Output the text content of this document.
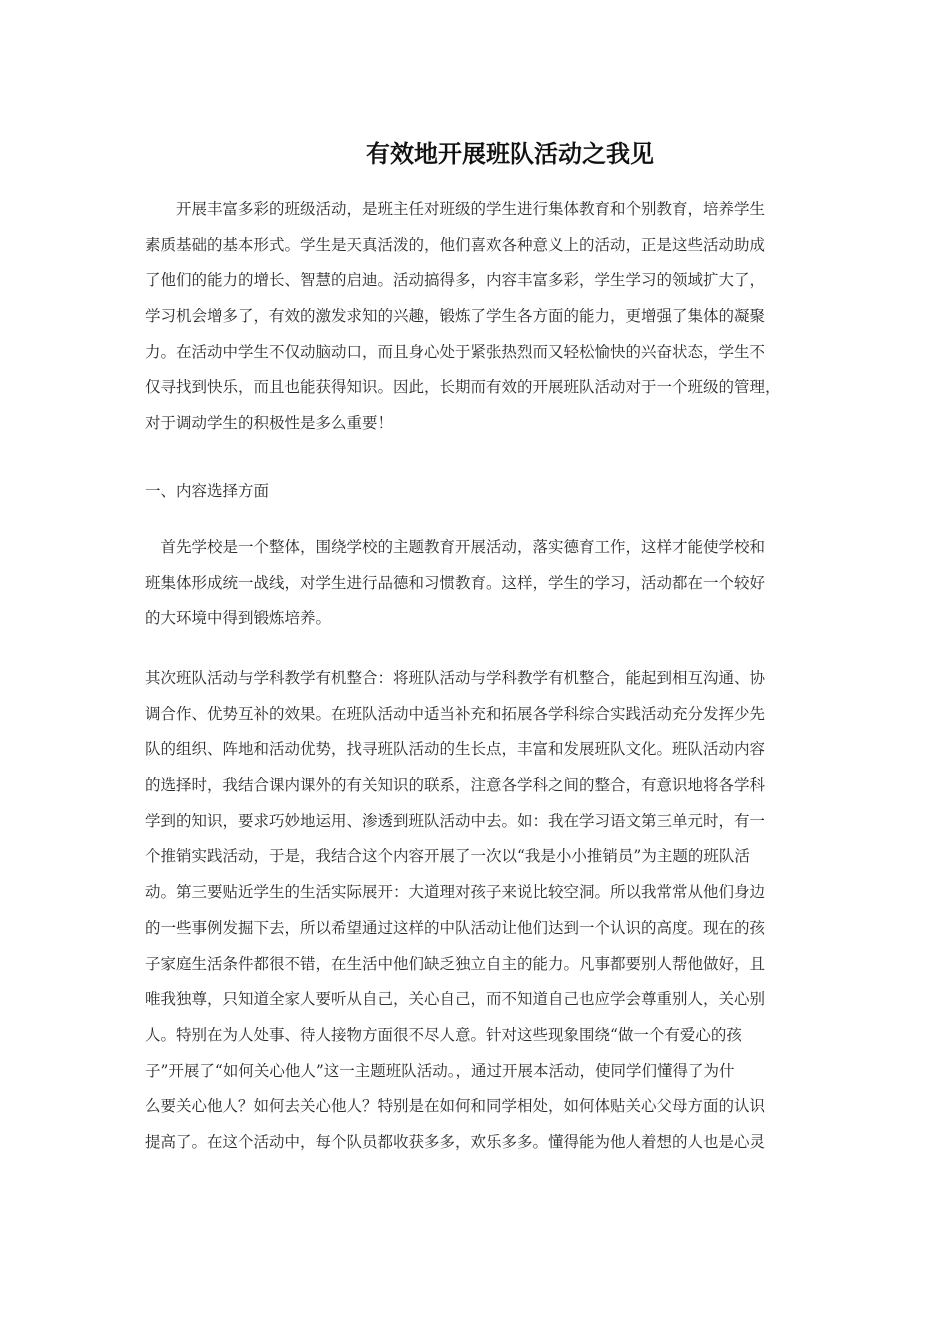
有效地开展班队活动之我见
　　开展丰富多彩的班级活动，是班主任对班级的学生进行集体教育和个别教育，培养学生
素质基础的基本形式。学生是天真活泼的，他们喜欢各种意义上的活动，正是这些活动助成
了他们的能力的增长、智慧的启迪。活动搞得多，内容丰富多彩，学生学习的领域扩大了，
学习机会增多了，有效的激发求知的兴趣，锻炼了学生各方面的能力，更增强了集体的凝聚
力。在活动中学生不仅动脑动口，而且身心处于紧张热烈而又轻松愉快的兴奋状态，学生不
仅寻找到快乐，而且也能获得知识。因此，长期而有效的开展班队活动对于一个班级的管理，
对于调动学生的积极性是多么重要！
一、内容选择方面
　首先学校是一个整体，围绕学校的主题教育开展活动，落实德育工作，这样才能使学校和
班集体形成统一战线，对学生进行品德和习惯教育。这样，学生的学习，活动都在一个较好
的大环境中得到锻炼培养。
其次班队活动与学科教学有机整合：将班队活动与学科教学有机整合，能起到相互沟通、协
调合作、优势互补的效果。在班队活动中适当补充和拓展各学科综合实践活动充分发挥少先
队的组织、阵地和活动优势，找寻班队活动的生长点，丰富和发展班队文化。班队活动内容
的选择时，我结合课内课外的有关知识的联系，注意各学科之间的整合，有意识地将各学科
学到的知识，要求巧妙地运用、渗透到班队活动中去。如：我在学习语文第三单元时，有一
个推销实践活动，于是，我结合这个内容开展了一次以“我是小小推销员”为主题的班队活
动。第三要贴近学生的生活实际展开：大道理对孩子来说比较空洞。所以我常常从他们身边
的一些事例发掘下去，所以希望通过这样的中队活动让他们达到一个认识的高度。现在的孩
子家庭生活条件都很不错，在生活中他们缺乏独立自主的能力。凡事都要别人帮他做好，且
唯我独尊，只知道全家人要听从自己，关心自己，而不知道自己也应学会尊重别人，关心别
人。特别在为人处事、待人接物方面很不尽人意。针对这些现象围绕“做一个有爱心的孩
子”开展了“如何关心他人”这一主题班队活动。，通过开展本活动，使同学们懂得了为什
么要关心他人？如何去关心他人？特别是在如何和同学相处，如何体贴关心父母方面的认识
提高了。在这个活动中，每个队员都收获多多，欢乐多多。懂得能为他人着想的人也是心灵
